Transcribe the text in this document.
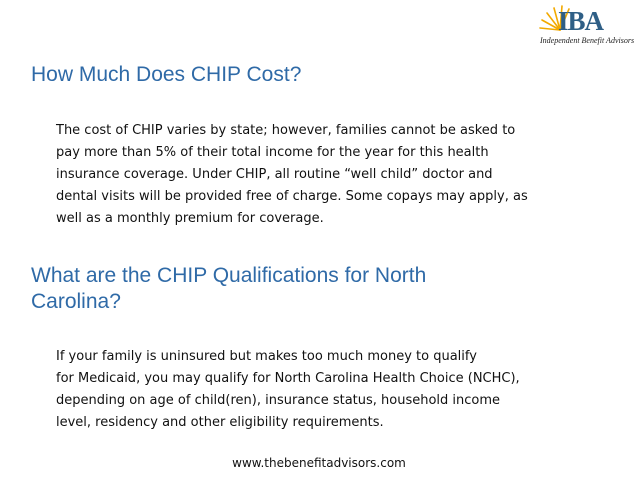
IBA
Independent Benefit Advisors
How Much Does CHIP Cost?
The cost of CHIP varies by state; however, families cannot be asked to
pay more than 5% of their total income for the year for this health
insurance coverage. Under CHIP, all routine “well child” doctor and
dental visits will be provided free of charge. Some copays may apply, as
well as a monthly premium for coverage.
What are the CHIP Qualifications for North
Carolina?
If your family is uninsured but makes too much money to qualify
for Medicaid, you may qualify for North Carolina Health Choice (NCHC),
depending on age of child(ren), insurance status, household income
level, residency and other eligibility requirements.
www.thebenefitadvisors.com
